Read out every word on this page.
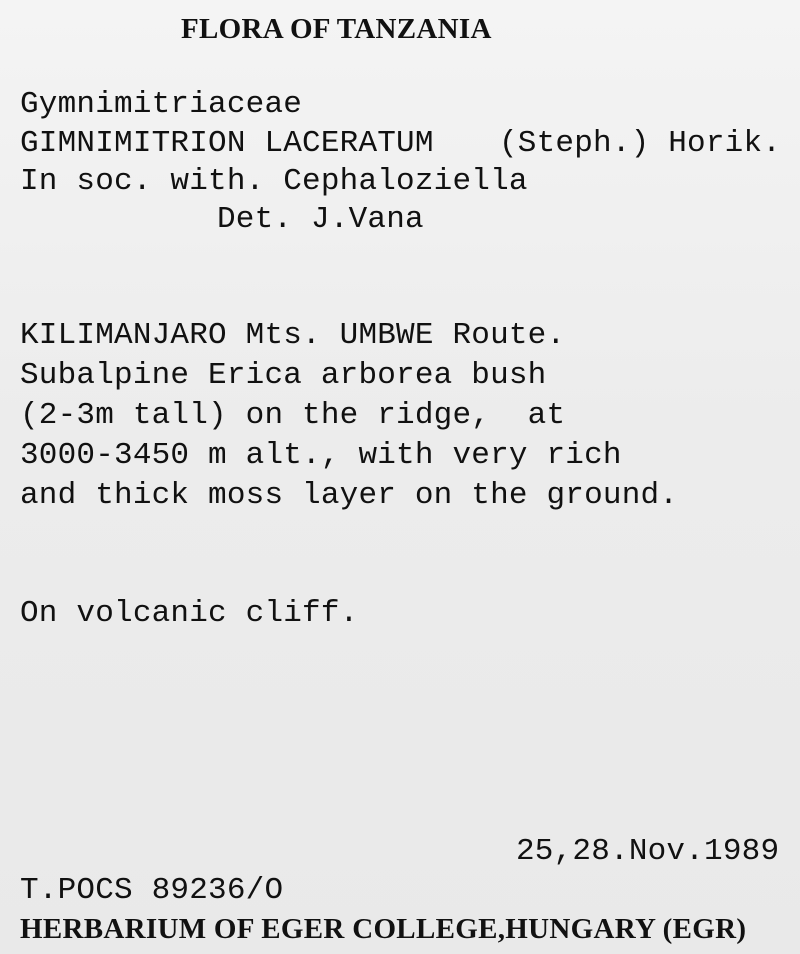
FLORA OF TANZANIA
Gymnimitriaceae
GIMNIMITRION LACERATUM (Steph.) Horik.
In soc. with. Cephaloziella
Det. J.Vana
KILIMANJARO Mts. UMBWE Route.
Subalpine Erica arborea bush
(2-3m tall) on the ridge,  at
3000-3450 m alt., with very rich
and thick moss layer on the ground.
On volcanic cliff.
25,28.Nov.1989
T.POCS 89236/O
HERBARIUM OF EGER COLLEGE,HUNGARY (EGR)
